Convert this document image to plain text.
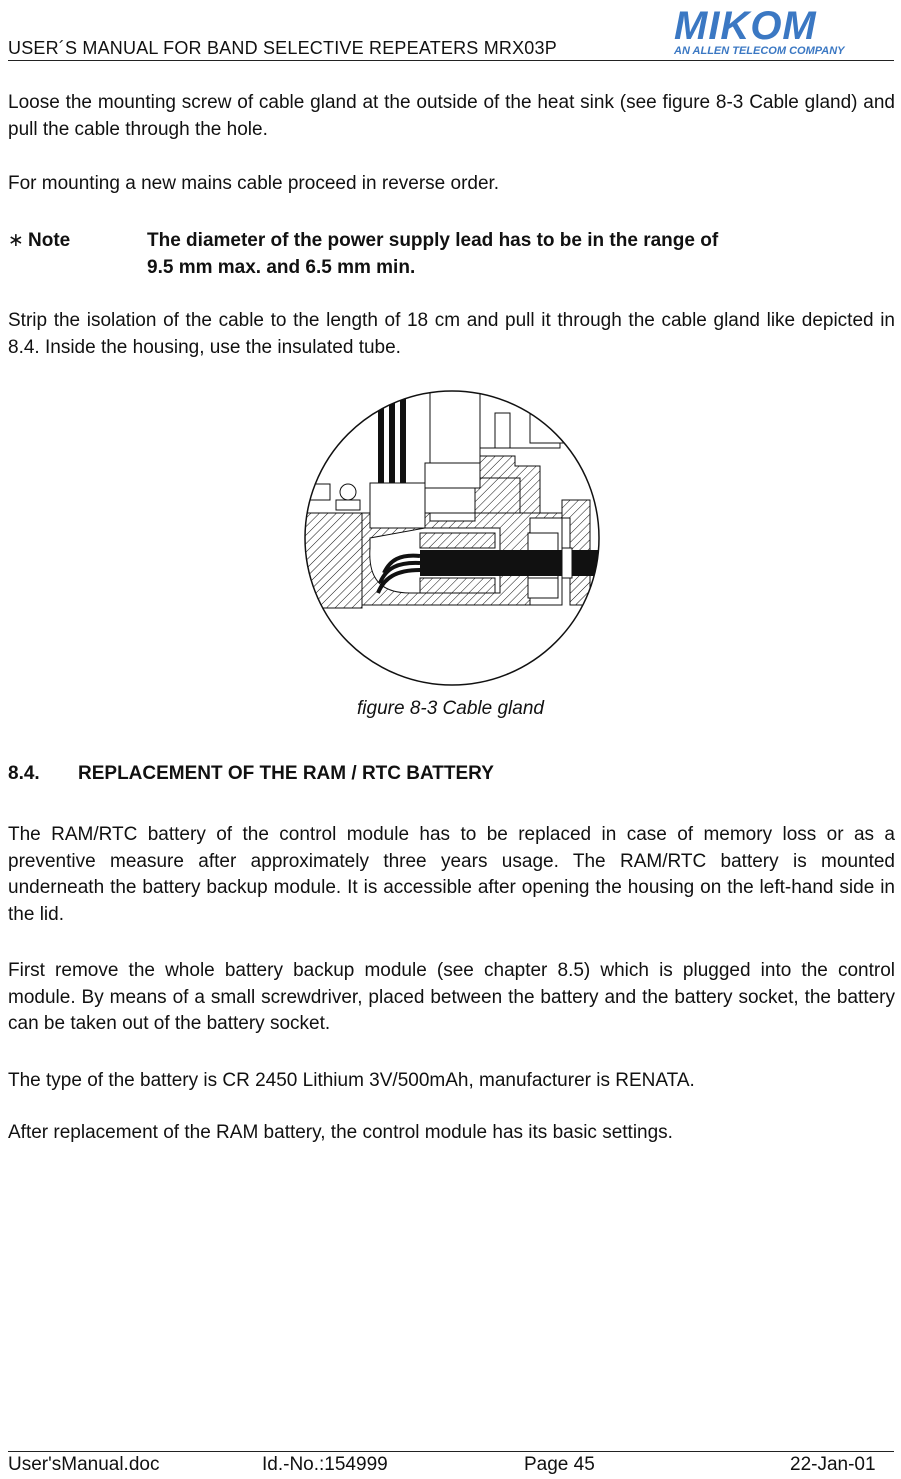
USER´S MANUAL FOR BAND SELECTIVE REPEATERS MRX03P	MIKOM
AN ALLEN TELECOM COMPANY

Loose the mounting screw of cable gland at the outside of the heat sink (see figure 8-3 Cable gland) and pull the cable through the hole.

For mounting a new mains cable proceed in reverse order.

∗ Note	The diameter of the power supply lead has to be in the range of
9.5 mm max. and 6.5 mm min.

Strip the isolation of the cable to the length of 18 cm and pull it through the cable gland like depicted in 8.4. Inside the housing, use the insulated tube.

figure 8-3 Cable gland
8.4. REPLACEMENT OF THE RAM / RTC BATTERY

The RAM/RTC battery of the control module has to be replaced in case of memory loss or as a preventive measure after approximately three years usage. The RAM/RTC battery is mounted underneath the battery backup module. It is accessible after opening the housing on the left-hand side in the lid.

First remove the whole battery backup module (see chapter 8.5) which is plugged into the control module. By means of a small screwdriver, placed between the battery and the battery socket, the battery can be taken out of the battery socket.

The type of the battery is CR 2450 Lithium 3V/500mAh, manufacturer is RENATA.

After replacement of the RAM battery, the control module has its basic settings.

User'sManual.doc	Id.-No.:154999	Page 45	22-Jan-01
